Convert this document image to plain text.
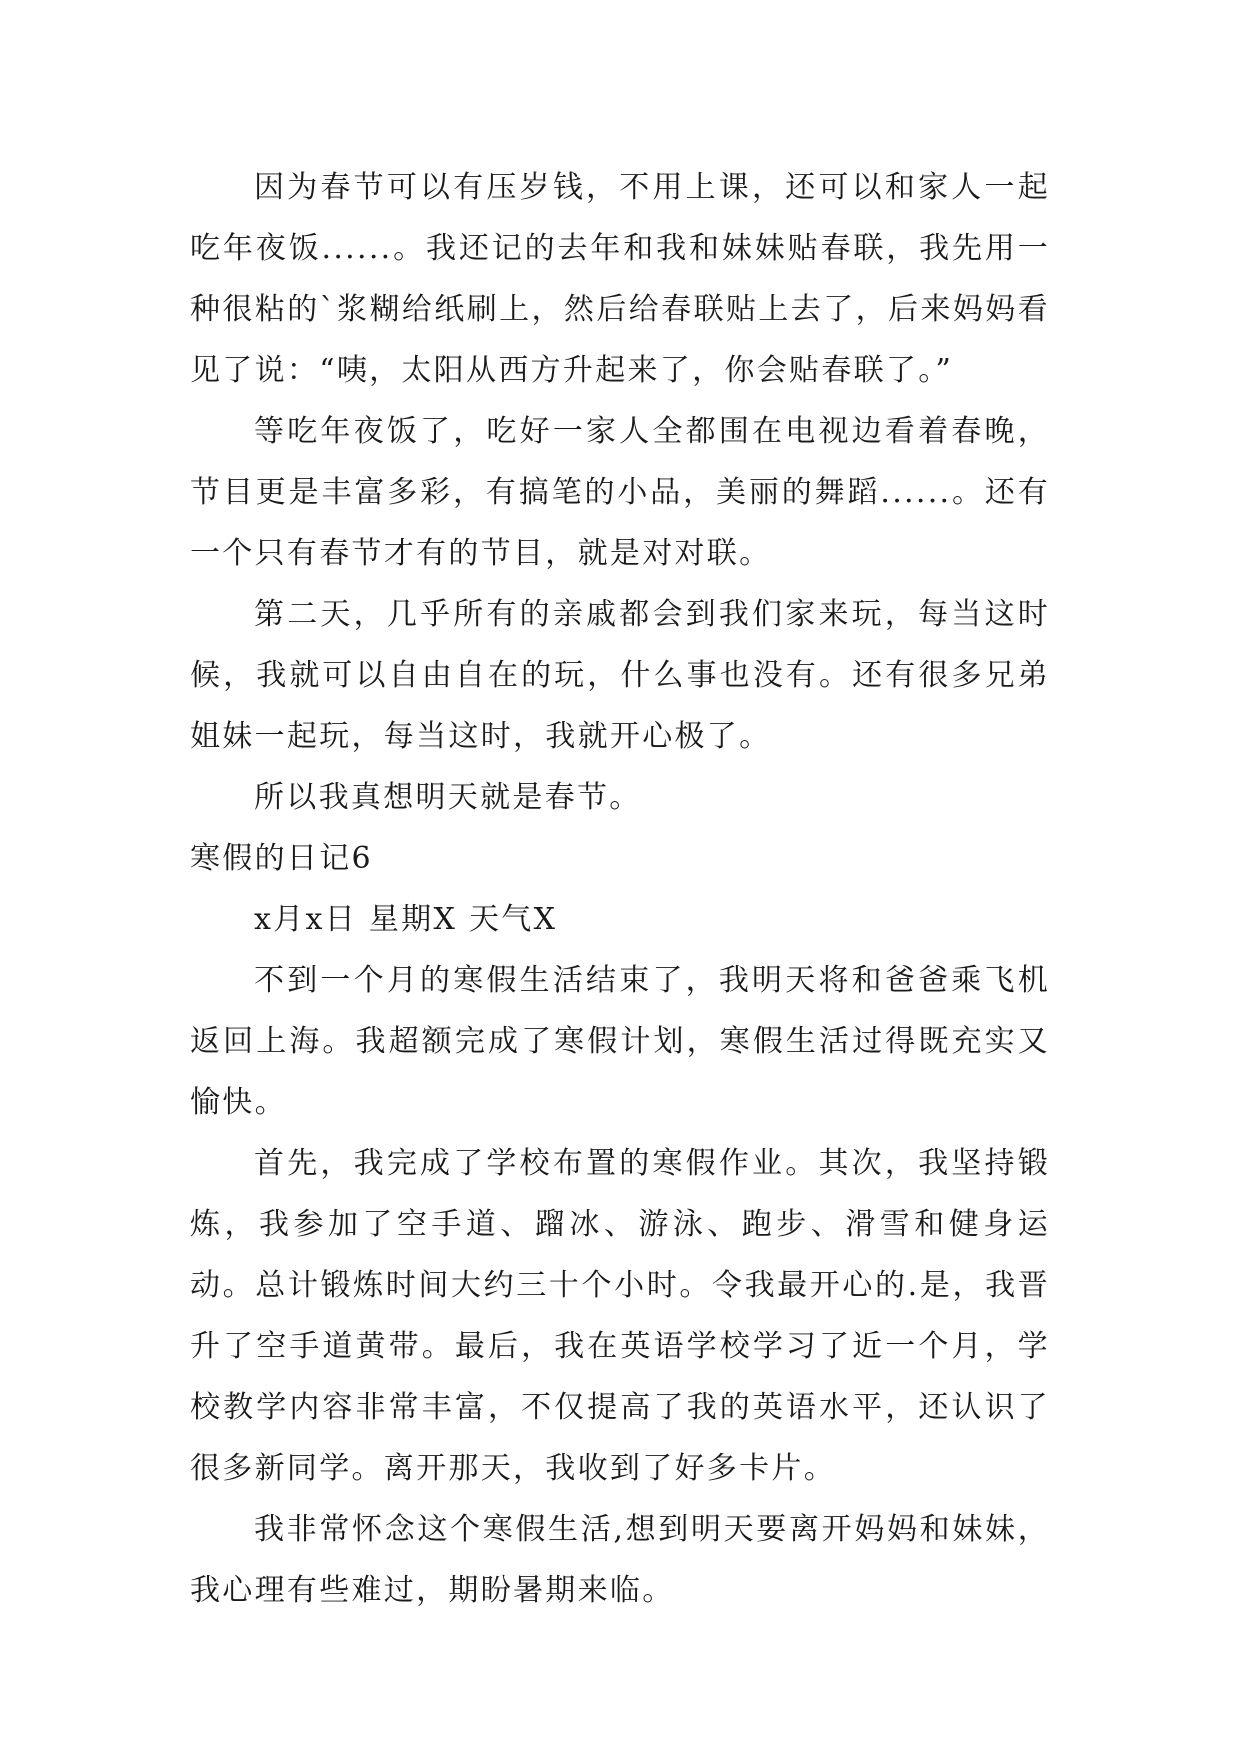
因为春节可以有压岁钱，不用上课，还可以和家人一起吃年夜饭......。我还记的去年和我和妹妹贴春联，我先用一种很粘的`浆糊给纸刷上，然后给春联贴上去了，后来妈妈看见了说：“咦，太阳从西方升起来了，你会贴春联了。”

等吃年夜饭了，吃好一家人全都围在电视边看着春晚，节目更是丰富多彩，有搞笔的小品，美丽的舞蹈......。还有一个只有春节才有的节目，就是对对联。

第二天，几乎所有的亲戚都会到我们家来玩，每当这时候，我就可以自由自在的玩，什么事也没有。还有很多兄弟姐妹一起玩，每当这时，我就开心极了。

所以我真想明天就是春节。

寒假的日记6

x月x日 星期X 天气X

不到一个月的寒假生活结束了，我明天将和爸爸乘飞机返回上海。我超额完成了寒假计划，寒假生活过得既充实又愉快。

首先，我完成了学校布置的寒假作业。其次，我坚持锻炼，我参加了空手道、蹓冰、游泳、跑步、滑雪和健身运动。总计锻炼时间大约三十个小时。令我最开心的.是，我晋升了空手道黄带。最后，我在英语学校学习了近一个月，学校教学内容非常丰富，不仅提高了我的英语水平，还认识了很多新同学。离开那天，我收到了好多卡片。

我非常怀念这个寒假生活,想到明天要离开妈妈和妹妹，我心理有些难过，期盼暑期来临。
